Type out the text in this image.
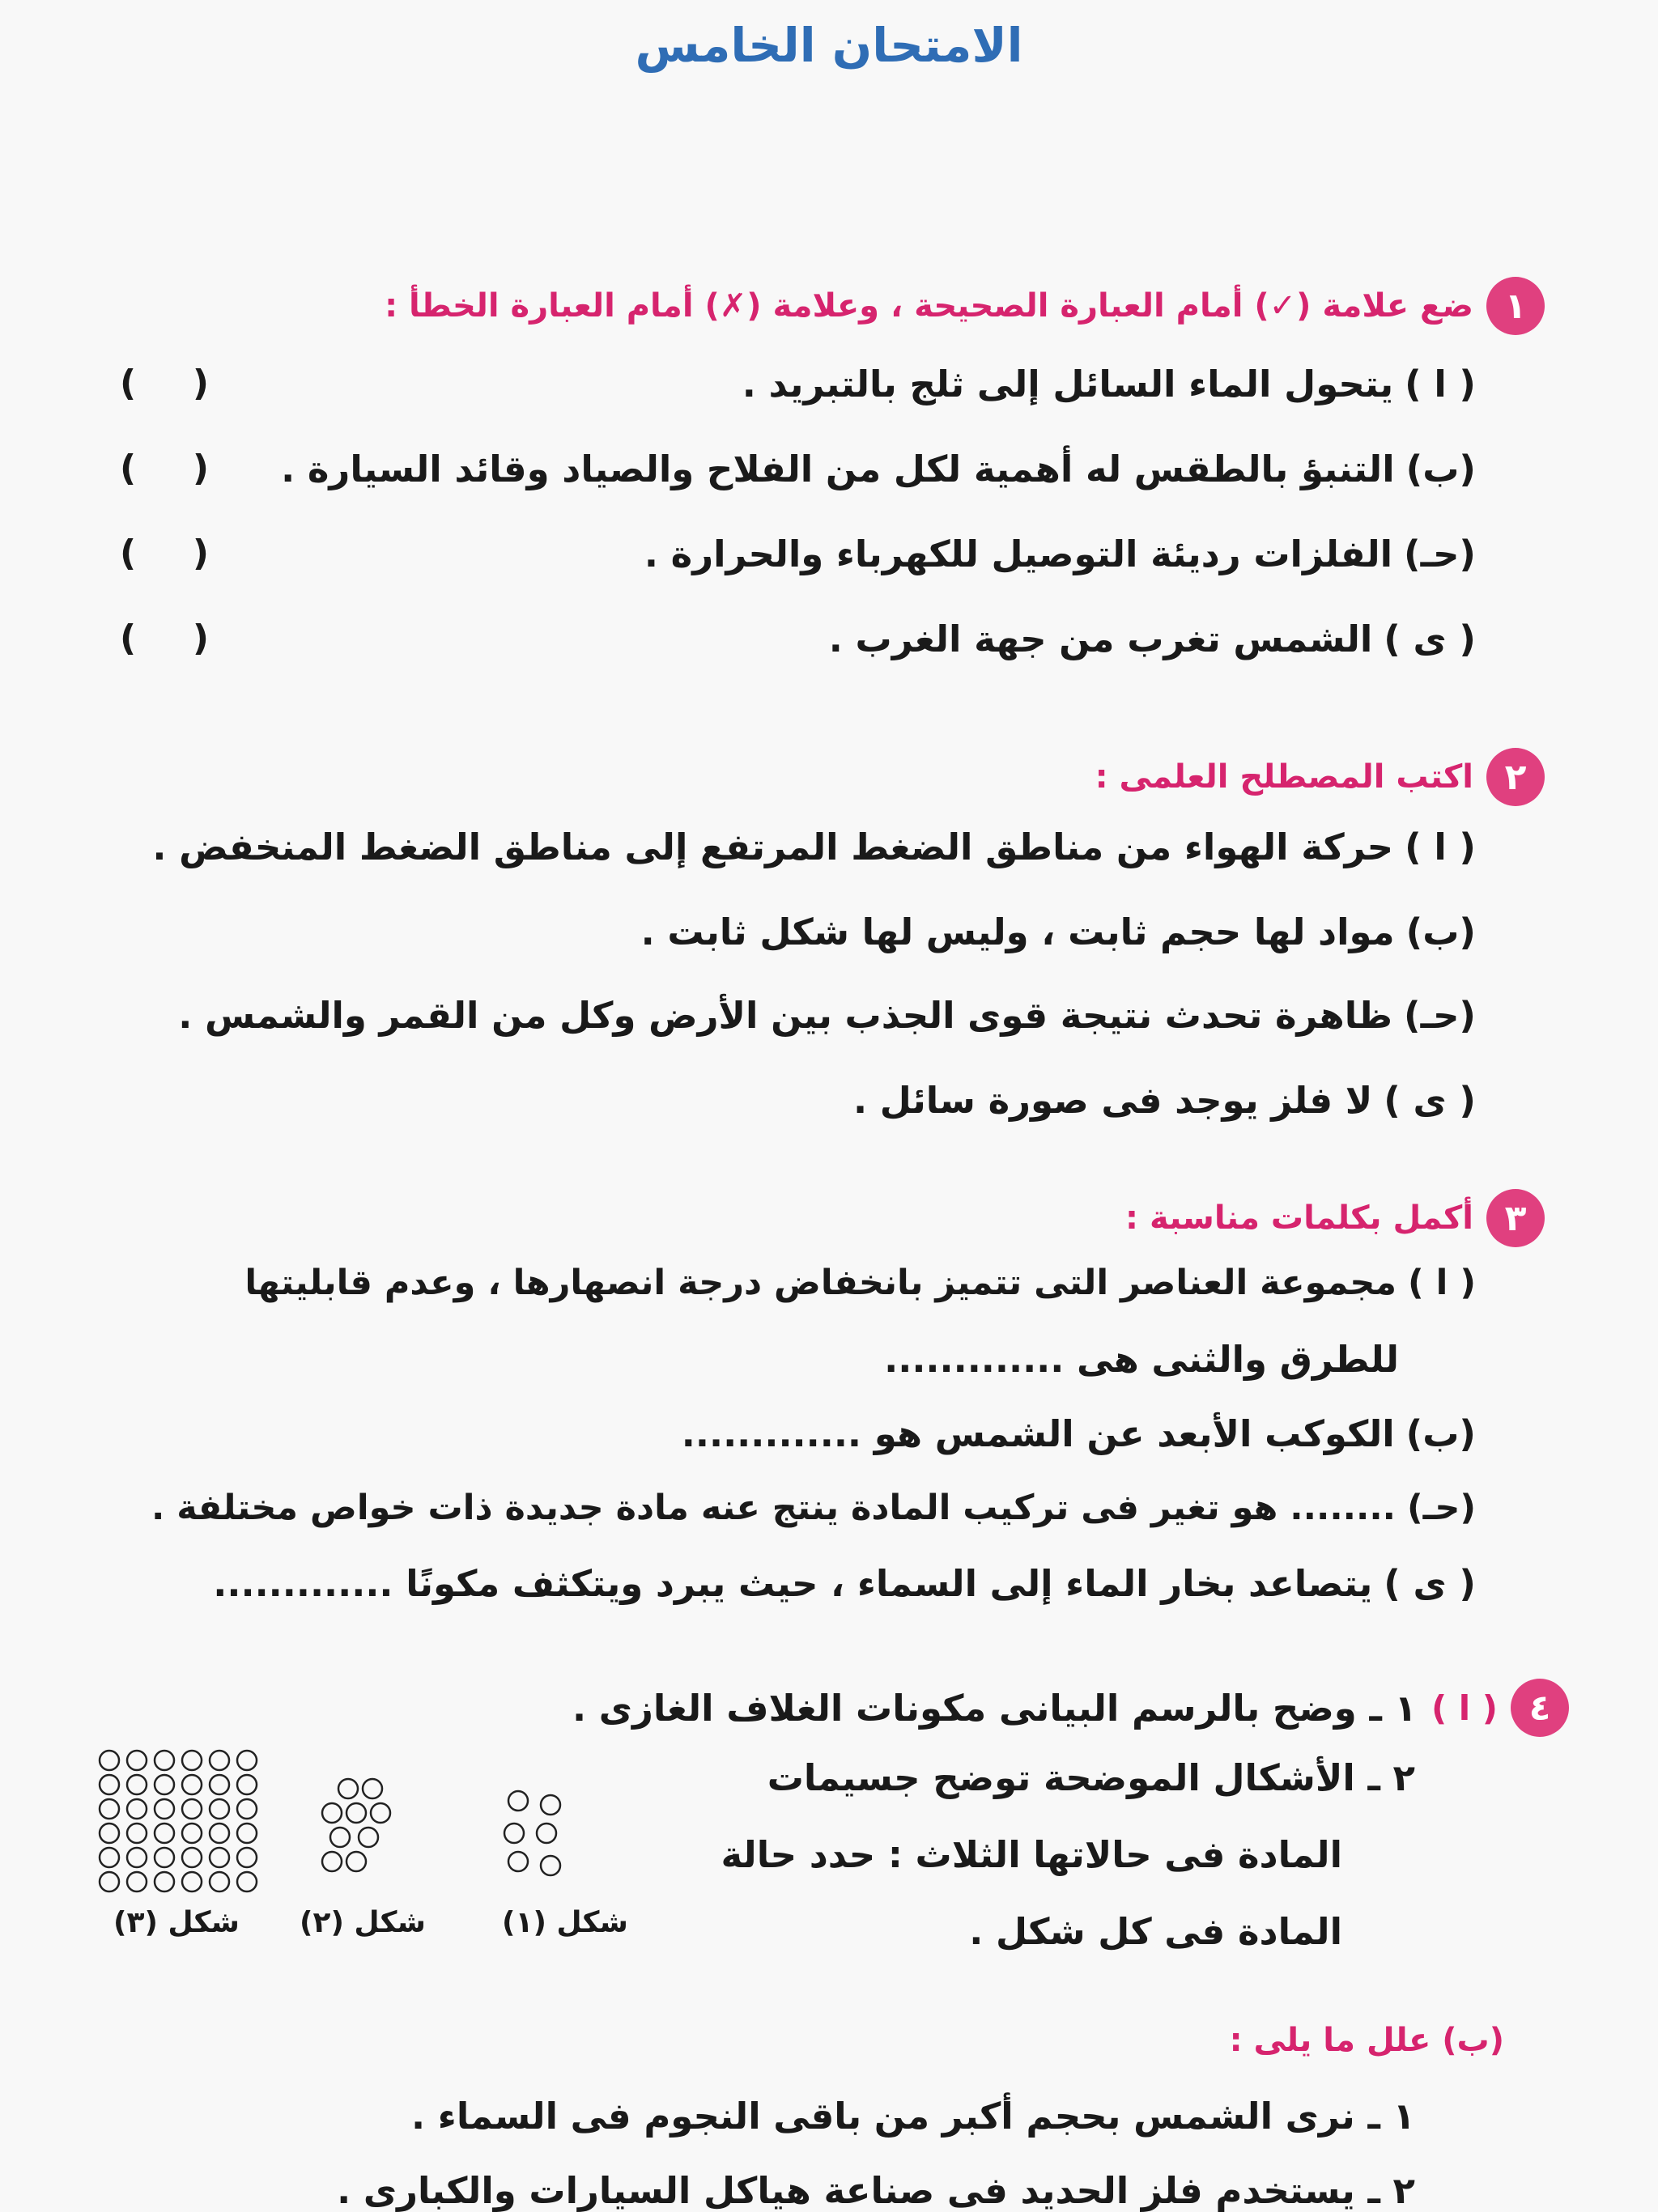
الامتحان الخامس
١
ضع علامة (✓) أمام العبارة الصحيحة ، وعلامة (✗) أمام العبارة الخطأ :
( ا )يتحول الماء السائل إلى ثلج بالتبريد .
(
)
(ب)التنبؤ بالطقس له أهمية لكل من الفلاح والصياد وقائد السيارة .
(
)
(حـ)الفلزات رديئة التوصيل للكهرباء والحرارة .
(
)
( ى )الشمس تغرب من جهة الغرب .
(
)
٢
اكتب المصطلح العلمى :
( ا )حركة الهواء من مناطق الضغط المرتفع إلى مناطق الضغط المنخفض .
(ب)مواد لها حجم ثابت ، وليس لها شكل ثابت .
(حـ)ظاهرة تحدث نتيجة قوى الجذب بين الأرض وكل من القمر والشمس .
( ى )لا فلز يوجد فى صورة سائل .
٣
أكمل بكلمات مناسبة :
( ا )مجموعة العناصر التى تتميز بانخفاض درجة انصهارها ، وعدم قابليتها
للطرق والثنى هى .............
(ب)الكوكب الأبعد عن الشمس هو .............
(حـ)........ هو تغير فى تركيب المادة ينتج عنه مادة جديدة ذات خواص مختلفة .
( ى )يتصاعد بخار الماء إلى السماء ، حيث يبرد ويتكثف مكونًا .............
٤
( ا )
١ ـ وضح بالرسم البيانى مكونات الغلاف الغازى .
٢ ـ الأشكال الموضحة توضح جسيمات
المادة فى حالاتها الثلاث : حدد حالة
المادة فى كل شكل .
شكل (١)
شكل (٢)
شكل (٣)
(ب) علل ما يلى :
١ ـ نرى الشمس بحجم أكبر من باقى النجوم فى السماء .
٢ ـ يستخدم فلز الحديد فى صناعة هياكل السيارات والكبارى .
